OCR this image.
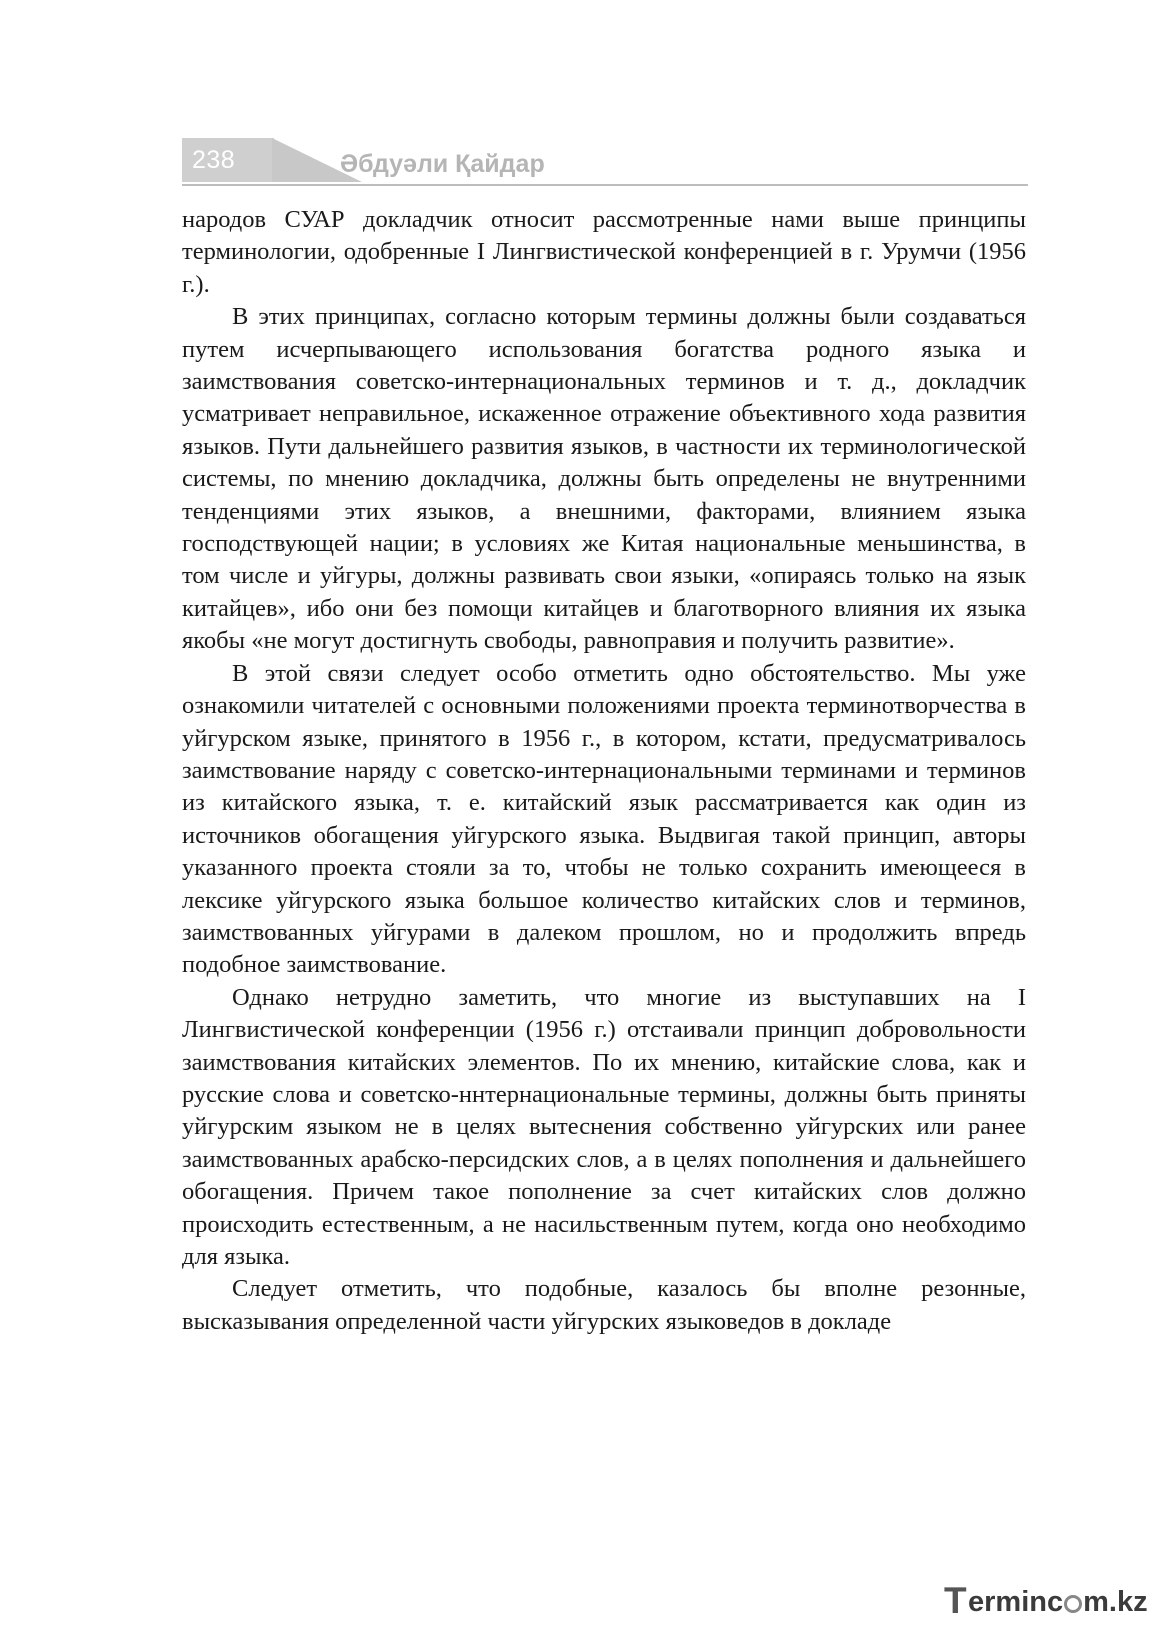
238	Әбдуәли Қайдар

народов СУАР докладчик относит рассмотренные нами выше принципы терминологии, одобренные I Лингвистической конференцией в г. Урумчи (1956 г.).

В этих принципах, согласно которым термины должны были создаваться путем исчерпывающего использования богатства родного языка и заимствования советско-интернациональных терминов и т. д., докладчик усматривает неправильное, искаженное отражение объективного хода развития языков. Пути дальнейшего развития языков, в частности их терминологической системы, по мнению докладчика, должны быть определены не внутренними тенденциями этих языков, а внешними, факторами, влиянием языка господствующей нации; в условиях же Китая национальные меньшинства, в том числе и уйгуры, должны развивать свои языки, «опираясь только на язык китайцев», ибо они без помощи китайцев и благотворного влияния их языка якобы «не могут достигнуть свободы, равноправия и получить развитие».

В этой связи следует особо отметить одно обстоятельство. Мы уже ознакомили читателей с основными положениями проекта терминотворчества в уйгурском языке, принятого в 1956 г., в котором, кстати, предусматривалось заимствование наряду с советско-интернациональными терминами и терминов из китайского языка, т. е. китайский язык рассматривается как один из источников обогащения уйгурского языка. Выдвигая такой принцип, авторы указанного проекта стояли за то, чтобы не только сохранить имеющееся в лексике уйгурского языка большое количество китайских слов и терминов, заимствованных уйгурами в далеком прошлом, но и продолжить впредь подобное заимствование.

Однако нетрудно заметить, что многие из выступавших на I Лингвистической конференции (1956 г.) отстаивали принцип добровольности заимствования китайских элементов. По их мнению, китайские слова, как и русские слова и советско-ннтернациональные термины, должны быть приняты уйгурским языком не в целях вытеснения собственно уйгурских или ранее заимствованных арабско-персидских слов, а в целях пополнения и дальнейшего обогащения. Причем такое пополнение за счет китайских слов должно происходить естественным, а не насильственным путем, когда оно необходимо для языка.

Следует отметить, что подобные, казалось бы вполне резонные, высказывания определенной части уйгурских языковедов в докладе

T erminc m.kz
